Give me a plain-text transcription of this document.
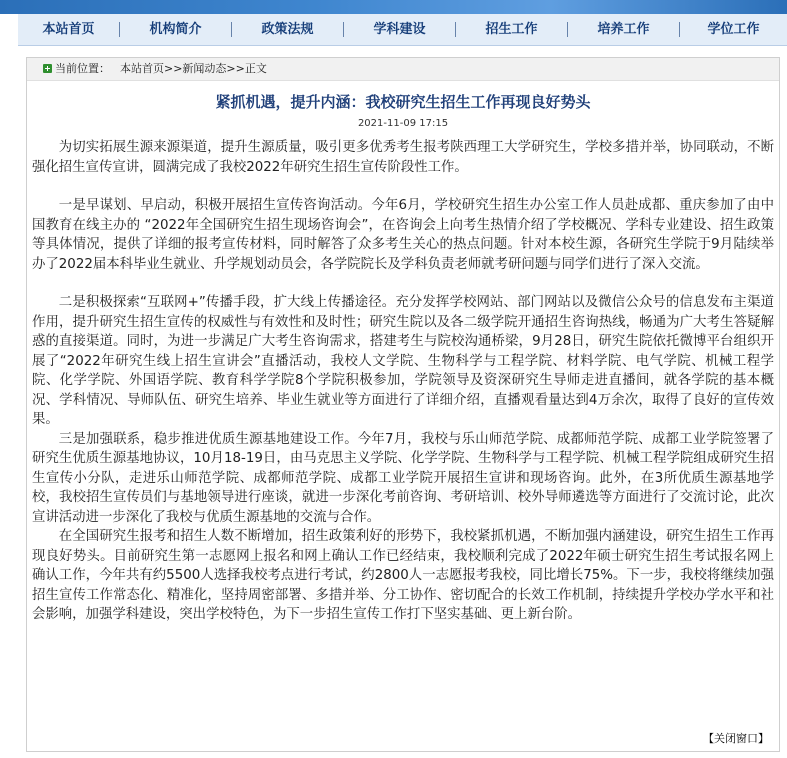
本站首页	机构简介	政策法规	学科建设	招生工作	培养工作	学位工作
当前位置： 本站首页>>新闻动态>>正文
紧抓机遇，提升内涵：我校研究生招生工作再现良好势头
2021-11-09 17:15

为切实拓展生源来源渠道，提升生源质量，吸引更多优秀考生报考陕西理工大学研究生，学校多措并举，协同联动，不断强化招生宣传宣讲，圆满完成了我校2022年研究生招生宣传阶段性工作。

一是早谋划、早启动，积极开展招生宣传咨询活动。今年6月，学校研究生招生办公室工作人员赴成都、重庆参加了由中国教育在线主办的 “2022年全国研究生招生现场咨询会”，在咨询会上向考生热情介绍了学校概况、学科专业建设、招生政策等具体情况，提供了详细的报考宣传材料，同时解答了众多考生关心的热点问题。针对本校生源，各研究生学院于9月陆续举办了2022届本科毕业生就业、升学规划动员会，各学院院长及学科负责老师就考研问题与同学们进行了深入交流。

二是积极探索“互联网+”传播手段，扩大线上传播途径。充分发挥学校网站、部门网站以及微信公众号的信息发布主渠道作用，提升研究生招生宣传的权威性与有效性和及时性；研究生院以及各二级学院开通招生咨询热线，畅通为广大考生答疑解惑的直接渠道。同时，为进一步满足广大考生咨询需求，搭建考生与院校沟通桥梁，9月28日，研究生院依托微博平台组织开展了“2022年研究生线上招生宣讲会”直播活动，我校人文学院、生物科学与工程学院、材料学院、电气学院、机械工程学院、化学学院、外国语学院、教育科学学院8个学院积极参加，学院领导及资深研究生导师走进直播间，就各学院的基本概况、学科情况、导师队伍、研究生培养、毕业生就业等方面进行了详细介绍，直播观看量达到4万余次，取得了良好的宣传效果。

三是加强联系，稳步推进优质生源基地建设工作。今年7月，我校与乐山师范学院、成都师范学院、成都工业学院签署了研究生优质生源基地协议，10月18-19日，由马克思主义学院、化学学院、生物科学与工程学院、机械工程学院组成研究生招生宣传小分队，走进乐山师范学院、成都师范学院、成都工业学院开展招生宣讲和现场咨询。此外，在3所优质生源基地学校，我校招生宣传员们与基地领导进行座谈，就进一步深化考前咨询、考研培训、校外导师遴选等方面进行了交流讨论，此次宣讲活动进一步深化了我校与优质生源基地的交流与合作。

在全国研究生报考和招生人数不断增加，招生政策利好的形势下，我校紧抓机遇，不断加强内涵建设，研究生招生工作再现良好势头。目前研究生第一志愿网上报名和网上确认工作已经结束，我校顺利完成了2022年硕士研究生招生考试报名网上确认工作，今年共有约5500人选择我校考点进行考试，约2800人一志愿报考我校，同比增长75%。下一步，我校将继续加强招生宣传工作常态化、精准化，坚持周密部署、多措并举、分工协作、密切配合的长效工作机制，持续提升学校办学水平和社会影响，加强学科建设，突出学校特色，为下一步招生宣传工作打下坚实基础、更上新台阶。

【关闭窗口】
